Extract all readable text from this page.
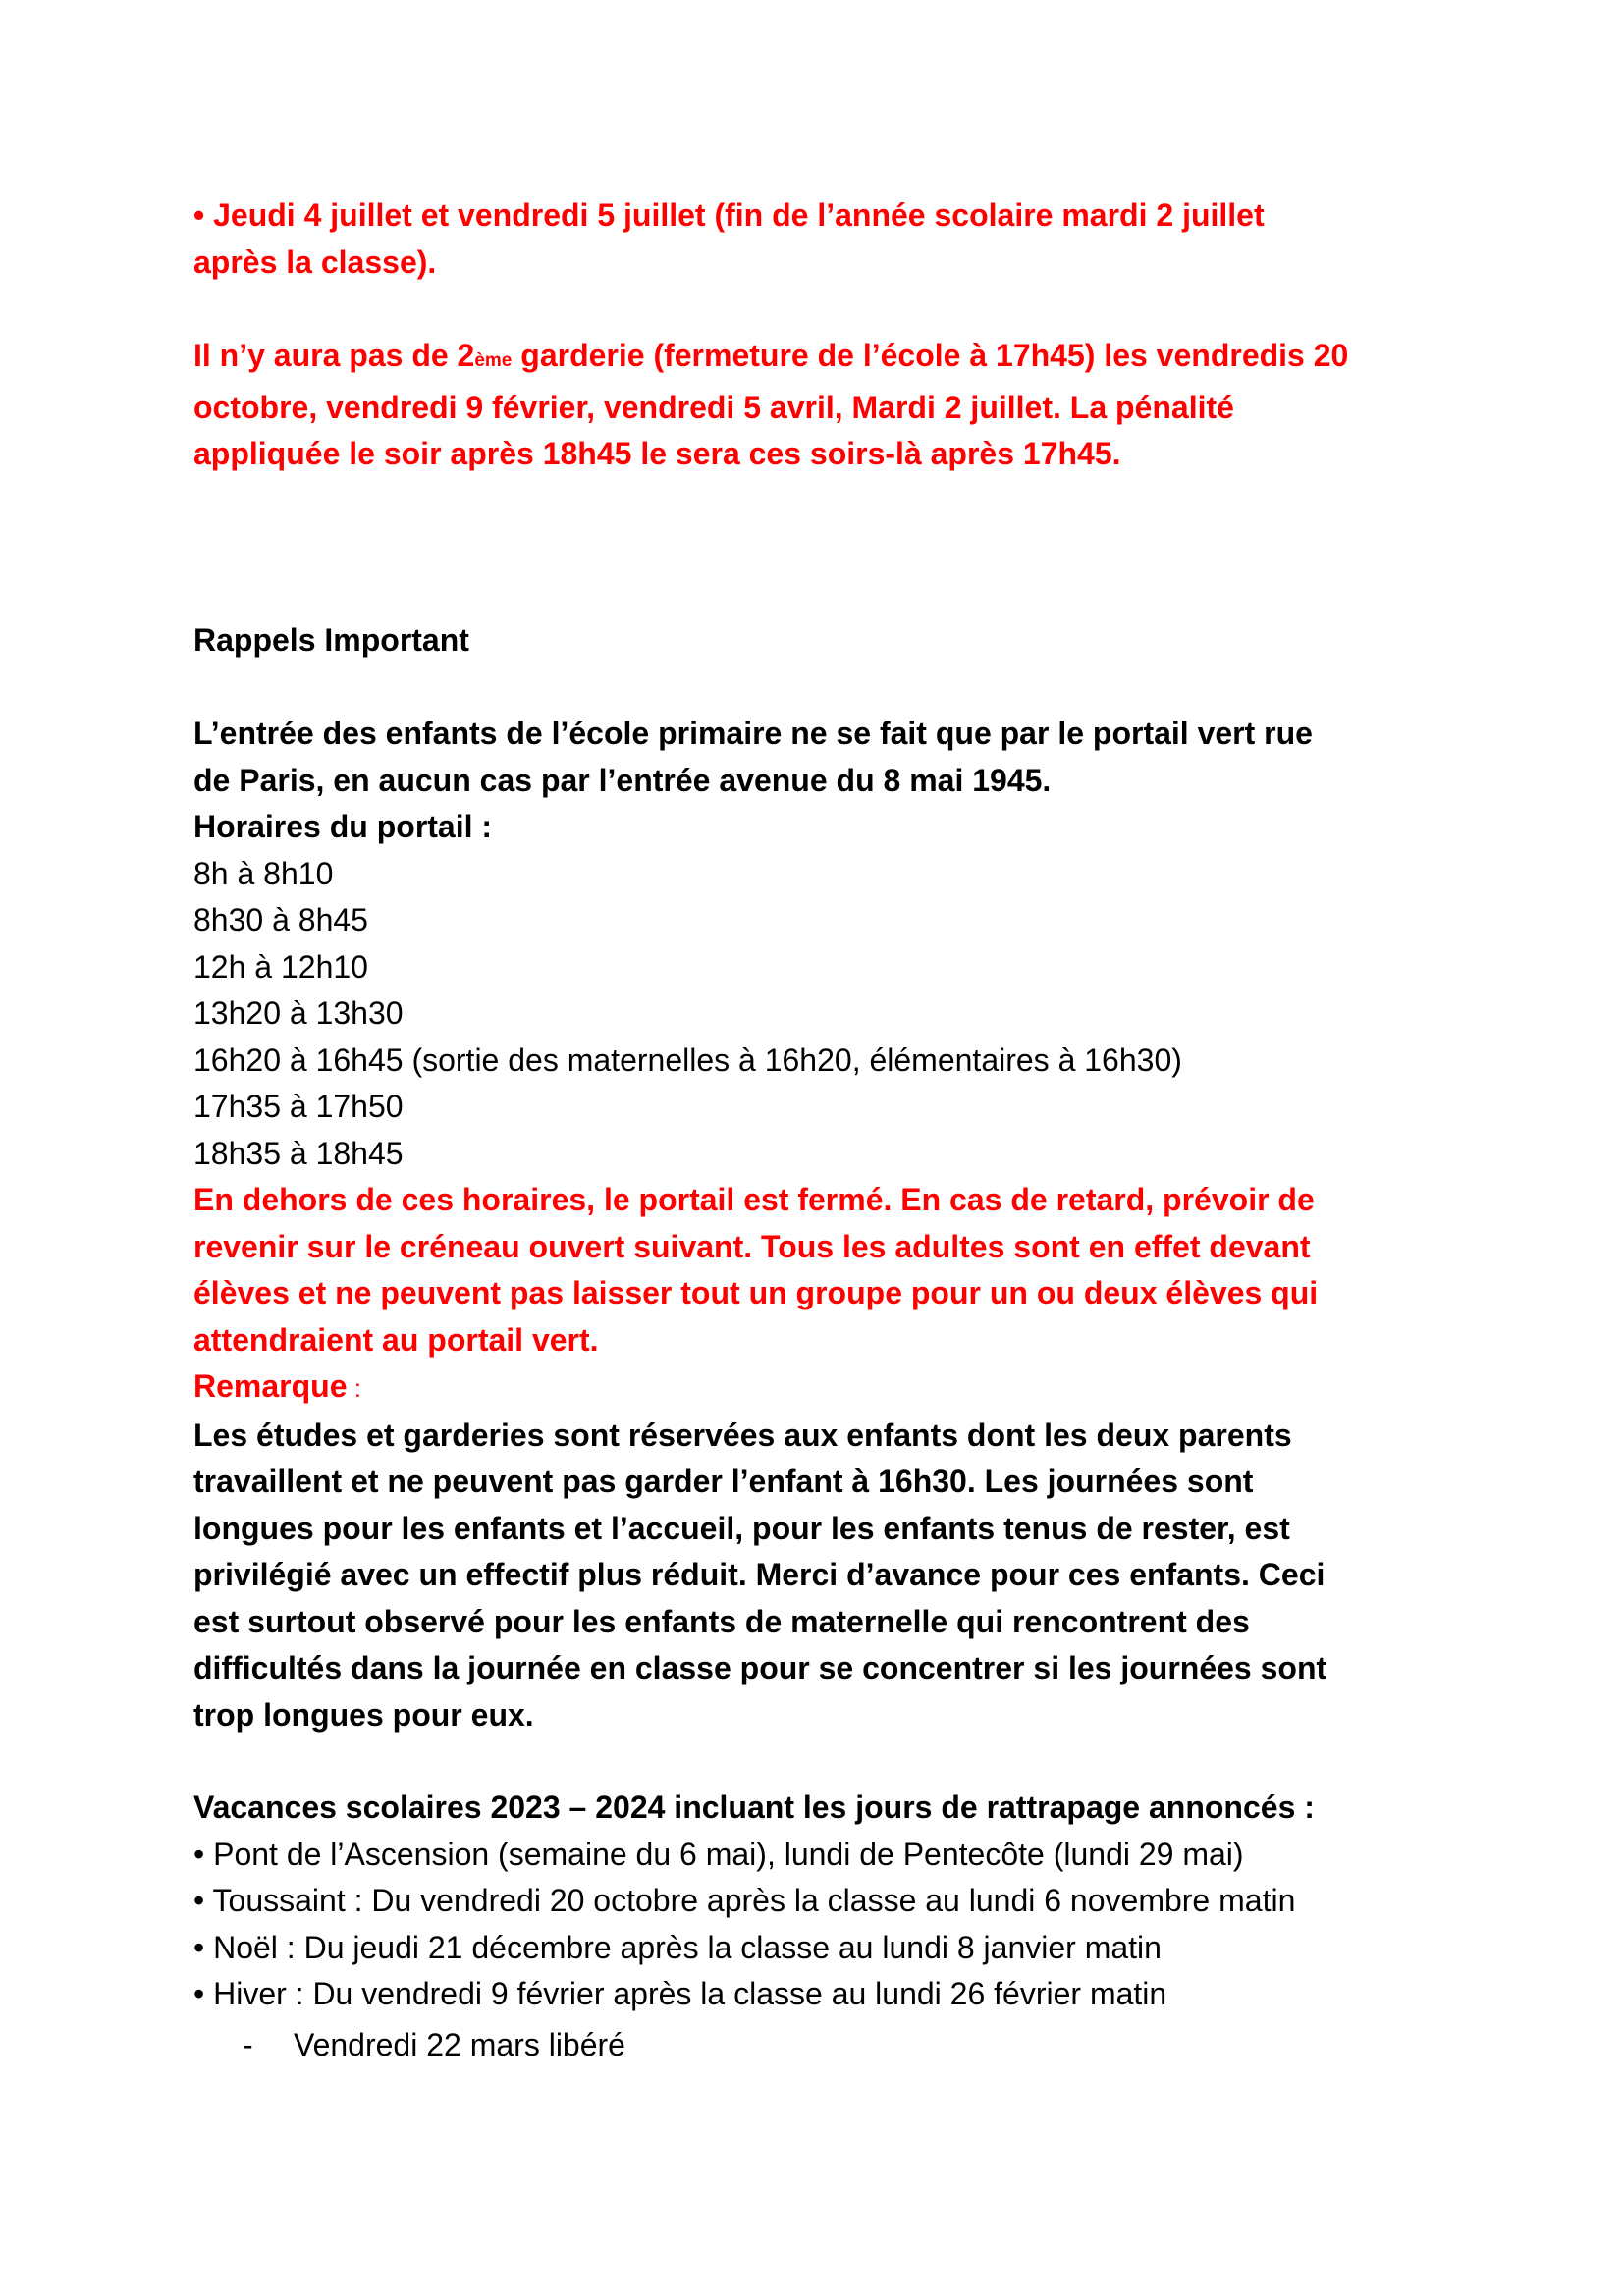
• Jeudi 4 juillet et vendredi 5 juillet (fin de l’année scolaire mardi 2 juillet
après la classe).
Il n’y aura pas de 2ème garderie (fermeture de l’école à 17h45) les vendredis 20
octobre, vendredi 9 février, vendredi 5 avril, Mardi 2 juillet. La pénalité
appliquée le soir après 18h45 le sera ces soirs-là après 17h45.
Rappels Important
L’entrée des enfants de l’école primaire ne se fait que par le portail vert rue
de Paris, en aucun cas par l’entrée avenue du 8 mai 1945.
Horaires du portail :
8h à 8h10
8h30 à 8h45
12h à 12h10
13h20 à 13h30
16h20 à 16h45 (sortie des maternelles à 16h20, élémentaires à 16h30)
17h35 à 17h50
18h35 à 18h45
En dehors de ces horaires, le portail est fermé. En cas de retard, prévoir de
revenir sur le créneau ouvert suivant. Tous les adultes sont en effet devant
élèves et ne peuvent pas laisser tout un groupe pour un ou deux élèves qui
attendraient au portail vert.
Remarque :
Les études et garderies sont réservées aux enfants dont les deux parents
travaillent et ne peuvent pas garder l’enfant à 16h30. Les journées sont
longues pour les enfants et l’accueil, pour les enfants tenus de rester, est
privilégié avec un effectif plus réduit. Merci d’avance pour ces enfants. Ceci
est surtout observé pour les enfants de maternelle qui rencontrent des
difficultés dans la journée en classe pour se concentrer si les journées sont
trop longues pour eux.
Vacances scolaires 2023 – 2024 incluant les jours de rattrapage annoncés :
• Pont de l’Ascension (semaine du 6 mai), lundi de Pentecôte (lundi 29 mai)
• Toussaint : Du vendredi 20 octobre après la classe au lundi 6 novembre matin
• Noël : Du jeudi 21 décembre après la classe au lundi 8 janvier matin
• Hiver : Du vendredi 9 février après la classe au lundi 26 février matin
- Vendredi 22 mars libéré
